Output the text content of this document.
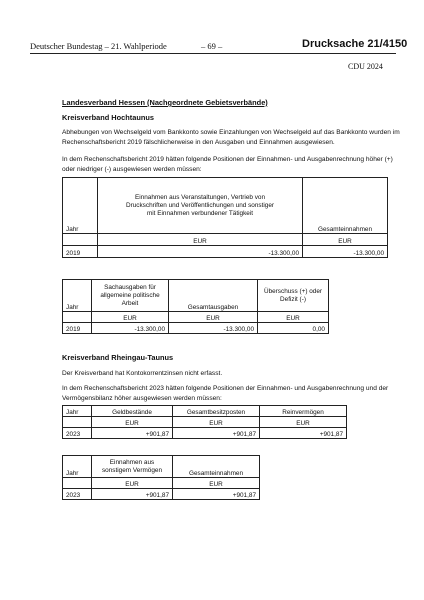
Deutscher Bundestag – 21. Wahlperiode	– 69 –	Drucksache 21/4150
CDU 2024
Landesverband Hessen (Nachgeordnete Gebietsverbände)
Kreisverband Hochtaunus
Abhebungen von Wechselgeld vom Bankkonto sowie Einzahlungen von Wechselgeld auf das Bankkonto wurden im Rechenschaftsbericht 2019 fälschlicherweise in den Ausgaben und Einnahmen ausgewiesen.
In dem Rechenschaftsbericht 2019 hätten folgende Positionen der Einnahmen- und Ausgabenrechnung höher (+) oder niedriger (-) ausgewiesen werden müssen:
Jahr	Einnahmen aus Veranstaltungen, Vertrieb von Druckschriften und Veröffentlichungen und sonstiger mit Einnahmen verbundener Tätigkeit	Gesamteinnahmen
	EUR	EUR
2019	-13.300,00	-13.300,00
Jahr	Sachausgaben für allgemeine politische Arbeit	Gesamtausgaben	Überschuss (+) oder Defizit (-)
	EUR	EUR	EUR
2019	-13.300,00	-13.300,00	0,00
Kreisverband Rheingau-Taunus
Der Kreisverband hat Kontokorrentzinsen nicht erfasst.
In dem Rechenschaftsbericht 2023 hätten folgende Positionen der Einnahmen- und Ausgabenrechnung und der Vermögensbilanz höher ausgewiesen werden müssen:
Jahr	Geldbestände	Gesamtbesitzposten	Reinvermögen
	EUR	EUR	EUR
2023	+901,87	+901,87	+901,87
Jahr	Einnahmen aus sonstigem Vermögen	Gesamteinnahmen
	EUR	EUR
2023	+901,87	+901,87
